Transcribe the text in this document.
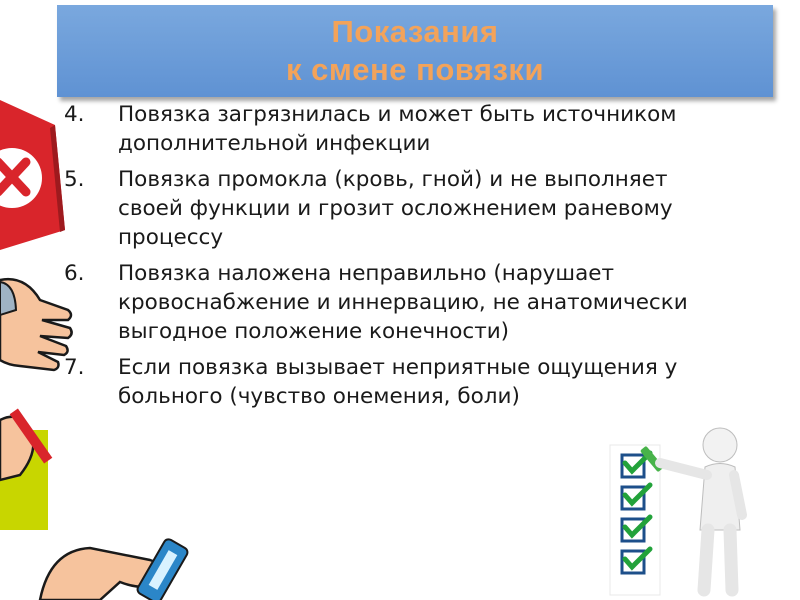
Показания
к смене повязки
4. Повязка загрязнилась и может быть источником дополнительной инфекции
5. Повязка промокла (кровь, гной) и не выполняет своей функции и грозит осложнением раневому процессу
6. Повязка наложена неправильно (нарушает кровоснабжение и иннервацию, не анатомически выгодное положение конечности)
7. Если повязка вызывает неприятные ощущения у больного (чувство онемения, боли)
